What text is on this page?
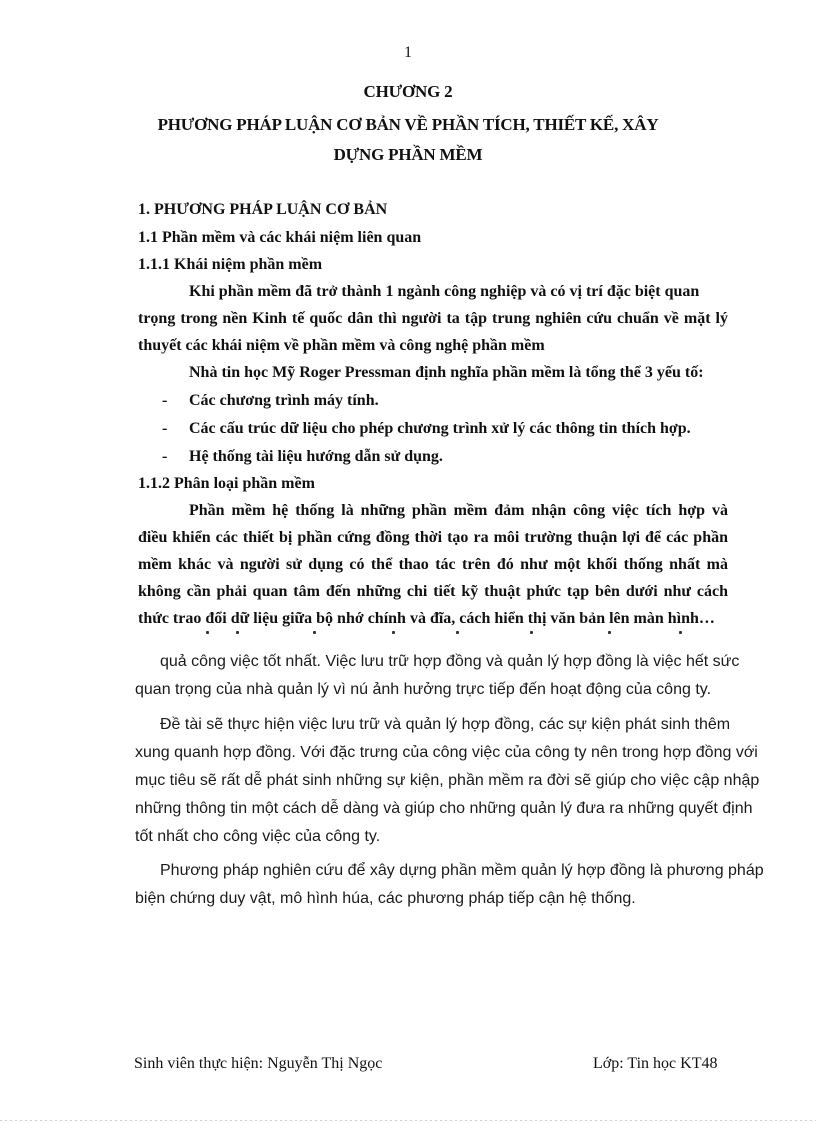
1
CHƯƠNG 2
PHƯƠNG PHÁP LUẬN CƠ BẢN VỀ PHẦN TÍCH, THIẾT KẾ, XÂY
DỰNG PHẦN MỀM
1. PHƯƠNG PHÁP LUẬN CƠ BẢN
1.1 Phần mềm và các khái niệm liên quan
1.1.1 Khái niệm phần mềm
Khi phần mềm đã trở thành 1 ngành công nghiệp và có vị trí đặc biệt quan
trọng trong nền Kinh tế quốc dân thì người ta tập trung nghiên cứu chuẩn về mặt lý
thuyết các khái niệm về phần mềm và công nghệ phần mềm
Nhà tin học Mỹ Roger Pressman định nghĩa phần mềm là tổng thể 3 yếu tố:
- Các chương trình máy tính.
- Các cấu trúc dữ liệu cho phép chương trình xử lý các thông tin thích hợp.
- Hệ thống tài liệu hướng dẫn sử dụng.
1.1.2 Phân loại phần mềm
Phần mềm hệ thống là những phần mềm đảm nhận công việc tích hợp và
điều khiển các thiết bị phần cứng đồng thời tạo ra môi trường thuận lợi để các phần
mềm khác và người sử dụng có thể thao tác trên đó như một khối thống nhất mà
không cần phải quan tâm đến những chi tiết kỹ thuật phức tạp bên dưới như cách
thức trao đổi dữ liệu giữa bộ nhớ chính và đĩa, cách hiển thị văn bản lên màn hình…
quả công việc tốt nhất. Việc lưu trữ hợp đồng và quản lý hợp đồng là việc hết sức
quan trọng của nhà quản lý vì nú ảnh hưởng trực tiếp đến hoạt động của công ty.
Đề tài sẽ thực hiện việc lưu trữ và quản lý hợp đồng, các sự kiện phát sinh thêm
xung quanh hợp đồng. Với đặc trưng của công việc của công ty nên trong hợp đồng với
mục tiêu sẽ rất dễ phát sinh những sự kiện, phần mềm ra đời sẽ giúp cho việc cập nhập
những thông tin một cách dễ dàng và giúp cho những quản lý đưa ra những quyết định
tốt nhất cho công việc của công ty.
Phương pháp nghiên cứu để xây dựng phần mềm quản lý hợp đồng là phương pháp
biện chứng duy vật, mô hình húa, các phương pháp tiếp cận hệ thống.
Sinh viên thực hiện: Nguyễn Thị Ngọc	Lớp: Tin học KT48
